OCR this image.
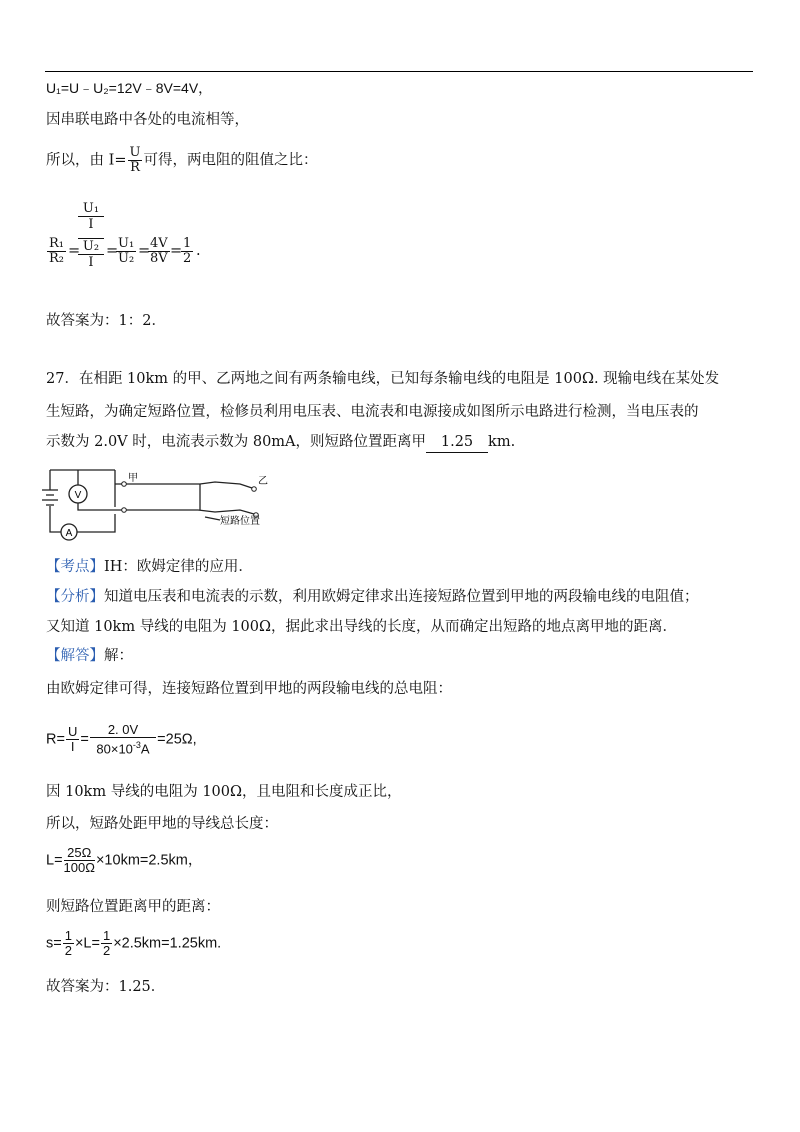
U₁=U﹣U₂=12V﹣8V=4V，
因串联电路中各处的电流相等，
所以，由 $I= \frac{U}{R}$ 可得，两电阻的阻值之比：
$\frac{\text{R₁}}{\text{R₂}}$ =
U₁
I
U₂
I
=
$\frac{\text{U₁}}{\text{U₂}}$ =
$\frac{4V}{8V}$ =
$\frac{1}{2}$ .
故答案为：1：2．
27．在相距 10km 的甲、乙两地之间有两条输电线，已知每条输电线的电阻是 100Ω. 现输电线在某处发
生短路，为确定短路位置，检修员利用电压表、电流表和电源接成如图所示电路进行检测，当电压表的
示数为 2.0V 时，电流表示数为 80mA，则短路位置距离甲 1.25 km.
V
A
甲	乙
短路位置
【考点】IH：欧姆定律的应用．
【分析】知道电压表和电流表的示数，利用欧姆定律求出连接短路位置到甲地的两段输电线的电阻值；
又知道 10km 导线的电阻为 100Ω，据此求出导线的长度，从而确定出短路的地点离甲地的距离．
【解答】解：
由欧姆定律可得，连接短路位置到甲地的两段输电线的总电阻：
$R= \frac{U}{I} = \frac{2. 0V}{80\times 10^{-3}A} =25\Omega$,
因 10km 导线的电阻为 100Ω，且电阻和长度成正比，
所以，短路处距甲地的导线总长度：
$L= \frac{25\Omega}{100\Omega} \times 10km=2.5km$，
则短路位置距离甲的距离：
$s= \frac{1}{2} \times L= \frac{1}{2} \times 2.5km=1.25km$.
故答案为：1.25．
